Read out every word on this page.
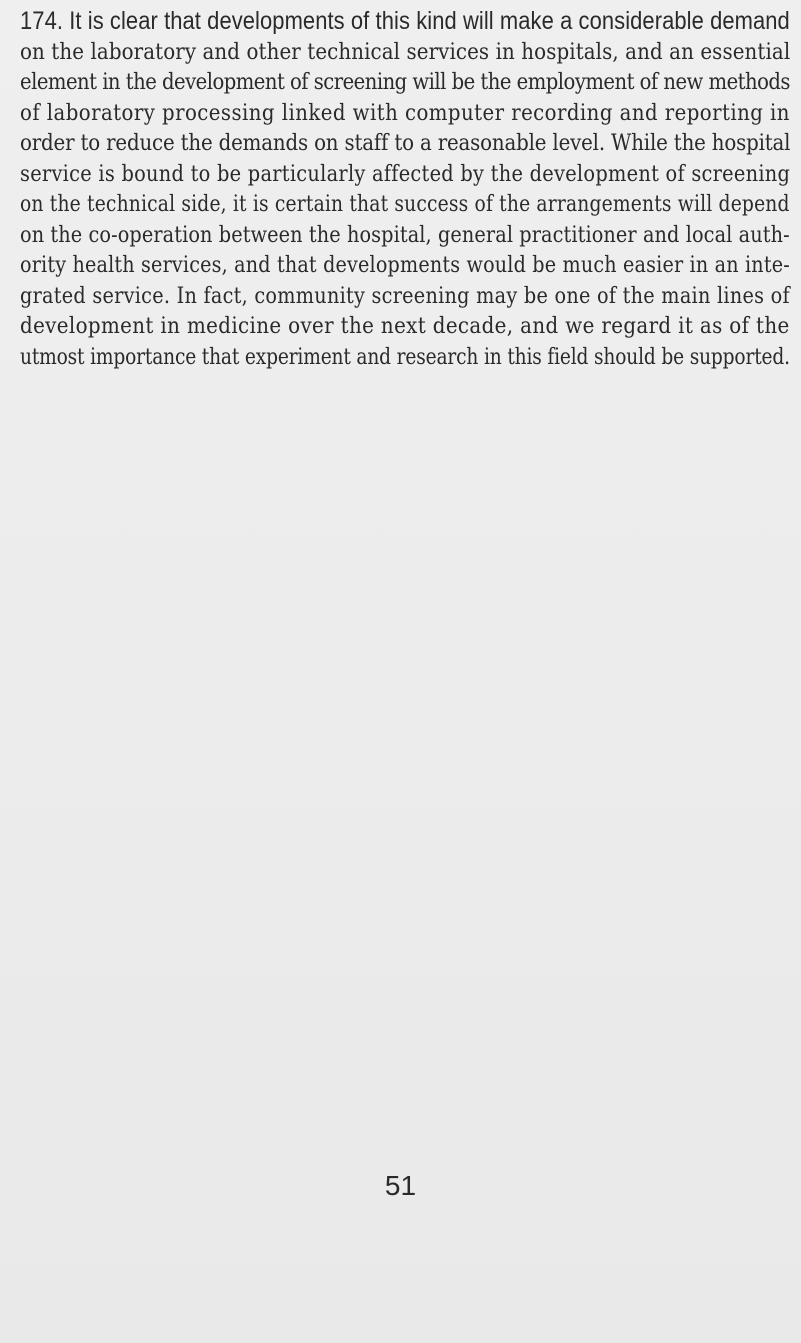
174. It is clear that developments of this kind will make a considerable demand
on the laboratory and other technical services in hospitals, and an essential
element in the development of screening will be the employment of new methods
of laboratory processing linked with computer recording and reporting in
order to reduce the demands on staff to a reasonable level. While the hospital
service is bound to be particularly affected by the development of screening
on the technical side, it is certain that success of the arrangements will depend
on the co-operation between the hospital, general practitioner and local auth-
ority health services, and that developments would be much easier in an inte-
grated service. In fact, community screening may be one of the main lines of
development in medicine over the next decade, and we regard it as of the
utmost importance that experiment and research in this field should be supported.
51
